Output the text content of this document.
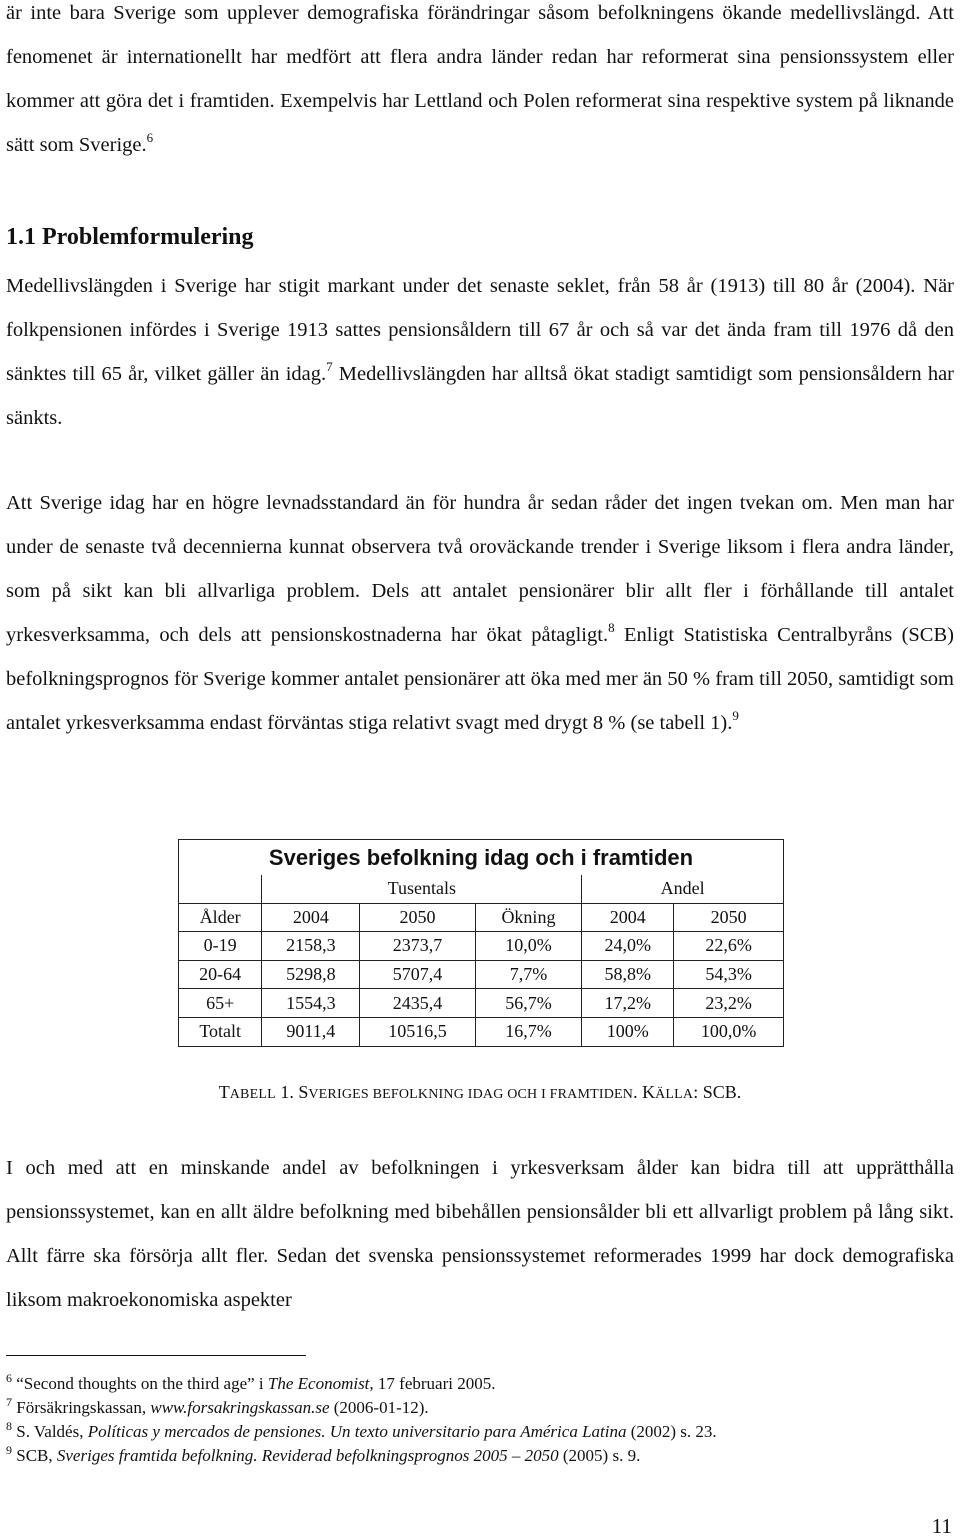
är inte bara Sverige som upplever demografiska förändringar såsom befolkningens ökande medellivslängd. Att fenomenet är internationellt har medfört att flera andra länder redan har reformerat sina pensionssystem eller kommer att göra det i framtiden. Exempelvis har Lettland och Polen reformerat sina respektive system på liknande sätt som Sverige.$^6$

1.1 Problemformulering

Medellivslängden i Sverige har stigit markant under det senaste seklet, från 58 år (1913) till 80 år (2004). När folkpensionen infördes i Sverige 1913 sattes pensionsåldern till 67 år och så var det ända fram till 1976 då den sänktes till 65 år, vilket gäller än idag.$^7$ Medellivslängden har alltså ökat stadigt samtidigt som pensionsåldern har sänkts.

Att Sverige idag har en högre levnadsstandard än för hundra år sedan råder det ingen tvekan om. Men man har under de senaste två decennierna kunnat observera två oroväckande trender i Sverige liksom i flera andra länder, som på sikt kan bli allvarliga problem. Dels att antalet pensionärer blir allt fler i förhållande till antalet yrkesverksamma, och dels att pensionskostnaderna har ökat påtagligt.$^8$ Enligt Statistiska Centralbyråns (SCB) befolkningsprognos för Sverige kommer antalet pensionärer att öka med mer än 50 % fram till 2050, samtidigt som antalet yrkesverksamma endast förväntas stiga relativt svagt med drygt 8 % (se tabell 1).$^9$

Sveriges befolkning idag och i framtiden					
	Tusentals			Andel	
Ålder	2004	2050	Ökning	2004	2050
0-19	2158,3	2373,7	10,0%	24,0%	22,6%
20-64	5298,8	5707,4	7,7%	58,8%	54,3%
65+	1554,3	2435,4	56,7%	17,2%	23,2%
Totalt	9011,4	10516,5	16,7%	100%	100,0%
TABELL 1. SVERIGES BEFOLKNING IDAG OCH I FRAMTIDEN. KÄLLA: SCB.

I och med att en minskande andel av befolkningen i yrkesverksam ålder kan bidra till att upprätthålla pensionssystemet, kan en allt äldre befolkning med bibehållen pensionsålder bli ett allvarligt problem på lång sikt. Allt färre ska försörja allt fler. Sedan det svenska pensionssystemet reformerades 1999 har dock demografiska liksom makroekonomiska aspekter

$^6$ “Second thoughts on the third age” i The Economist, 17 februari 2005.
$^7$ Försäkringskassan, www.forsakringskassan.se (2006-01-12).
$^8$ S. Valdés, Políticas y mercados de pensiones. Un texto universitario para América Latina (2002) s. 23.
$^9$ SCB, Sveriges framtida befolkning. Reviderad befolkningsprognos 2005 – 2050 (2005) s. 9.
11
